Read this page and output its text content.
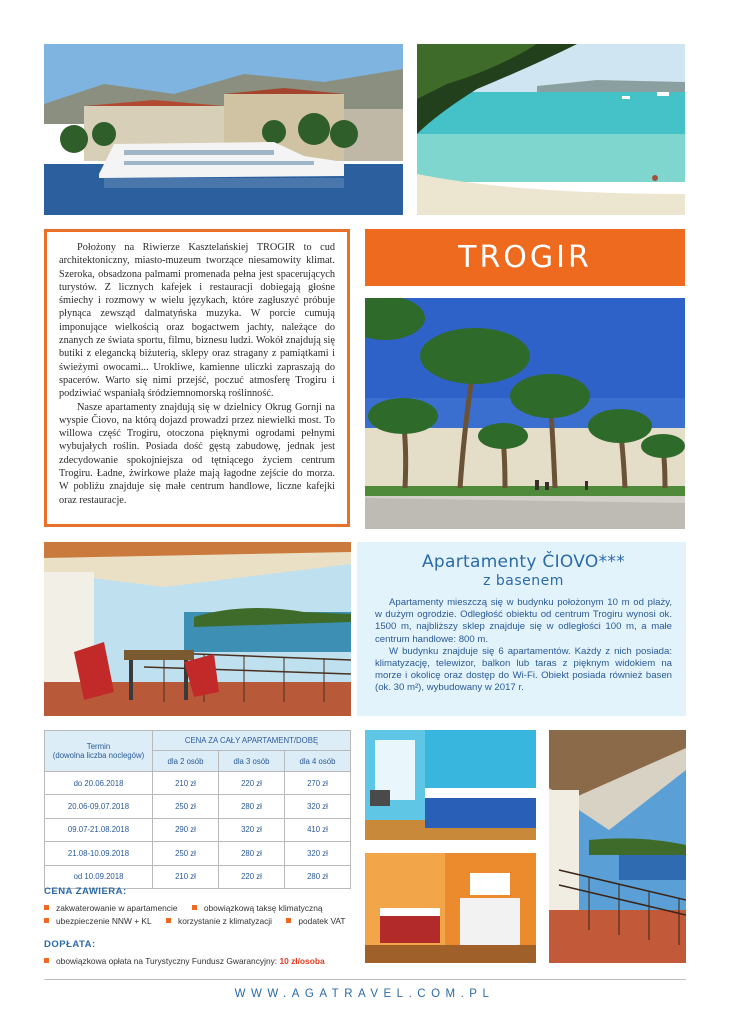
Położony na Riwierze Kasztelańskiej TROGIR to cud architektoniczny, miasto-muzeum tworzące niesamowity klimat. Szeroka, obsadzona palmami promenada pełna jest spacerujących turystów. Z licznych kafejek i restauracji dobiegają głośne śmiechy i rozmowy w wielu językach, które zagłuszyć próbuje płynąca zewsząd dalmatyńska muzyka. W porcie cumują imponujące wielkością oraz bogactwem jachty, należące do znanych ze świata sportu, filmu, biznesu ludzi. Wokół znajdują się butiki z elegancką biżuterią, sklepy oraz stragany z pamiątkami i świeżymi owocami... Urokliwe, kamienne uliczki zapraszają do spacerów. Warto się nimi przejść, poczuć atmosferę Trogiru i podziwiać wspaniałą śródziemnomorską roślinność.

Nasze apartamenty znajdują się w dzielnicy Okrug Gornji na wyspie Čiovo, na którą dojazd prowadzi przez niewielki most. To willowa część Trogiru, otoczona pięknymi ogrodami pełnymi wybujałych roślin. Posiada dość gęstą zabudowę, jednak jest zdecydowanie spokojniejsza od tętniącego życiem centrum Trogiru. Ładne, żwirkowe plaże mają łagodne zejście do morza. W pobliżu znajduje się małe centrum handlowe, liczne kafejki oraz restauracje.

TROGIR
Apartamenty ČIOVO***
z basenem

Apartamenty mieszczą się w budynku położonym 10 m od plaży, w dużym ogrodzie. Odległość obiektu od centrum Trogiru wynosi ok. 1500 m, najbliższy sklep znajduje się w odległości 100 m, a małe centrum handlowe: 800 m.

W budynku znajduje się 6 apartamentów. Każdy z nich posiada: klimatyzację, telewizor, balkon lub taras z pięknym widokiem na morze i okolicę oraz dostęp do Wi-Fi. Obiekt posiada również basen (ok. 30 m²), wybudowany w 2017 r.

Termin
(dowolna liczba noclegów)	CENA ZA CAŁY APARTAMENT/DOBĘ		
	dla 2 osób	dla 3 osób	dla 4 osób
do 20.06.2018	210 zł	220 zł	270 zł
20.06-09.07.2018	250 zł	280 zł	320 zł
09.07-21.08.2018	290 zł	320 zł	410 zł
21.08-10.09.2018	250 zł	280 zł	320 zł
od 10.09.2018	210 zł	220 zł	280 zł
CENA ZAWIERA:
zakwaterowanie w apartamencie
	obowiązkową taksę klimatyczną
ubezpieczenie NNW + KL
	korzystanie z klimatyzacji
	podatek VAT
DOPŁATA:
obowiązkowa opłata na Turystyczny Fundusz Gwarancyjny:
10 zł/osoba
WWW.AGATRAVEL.COM.PL
